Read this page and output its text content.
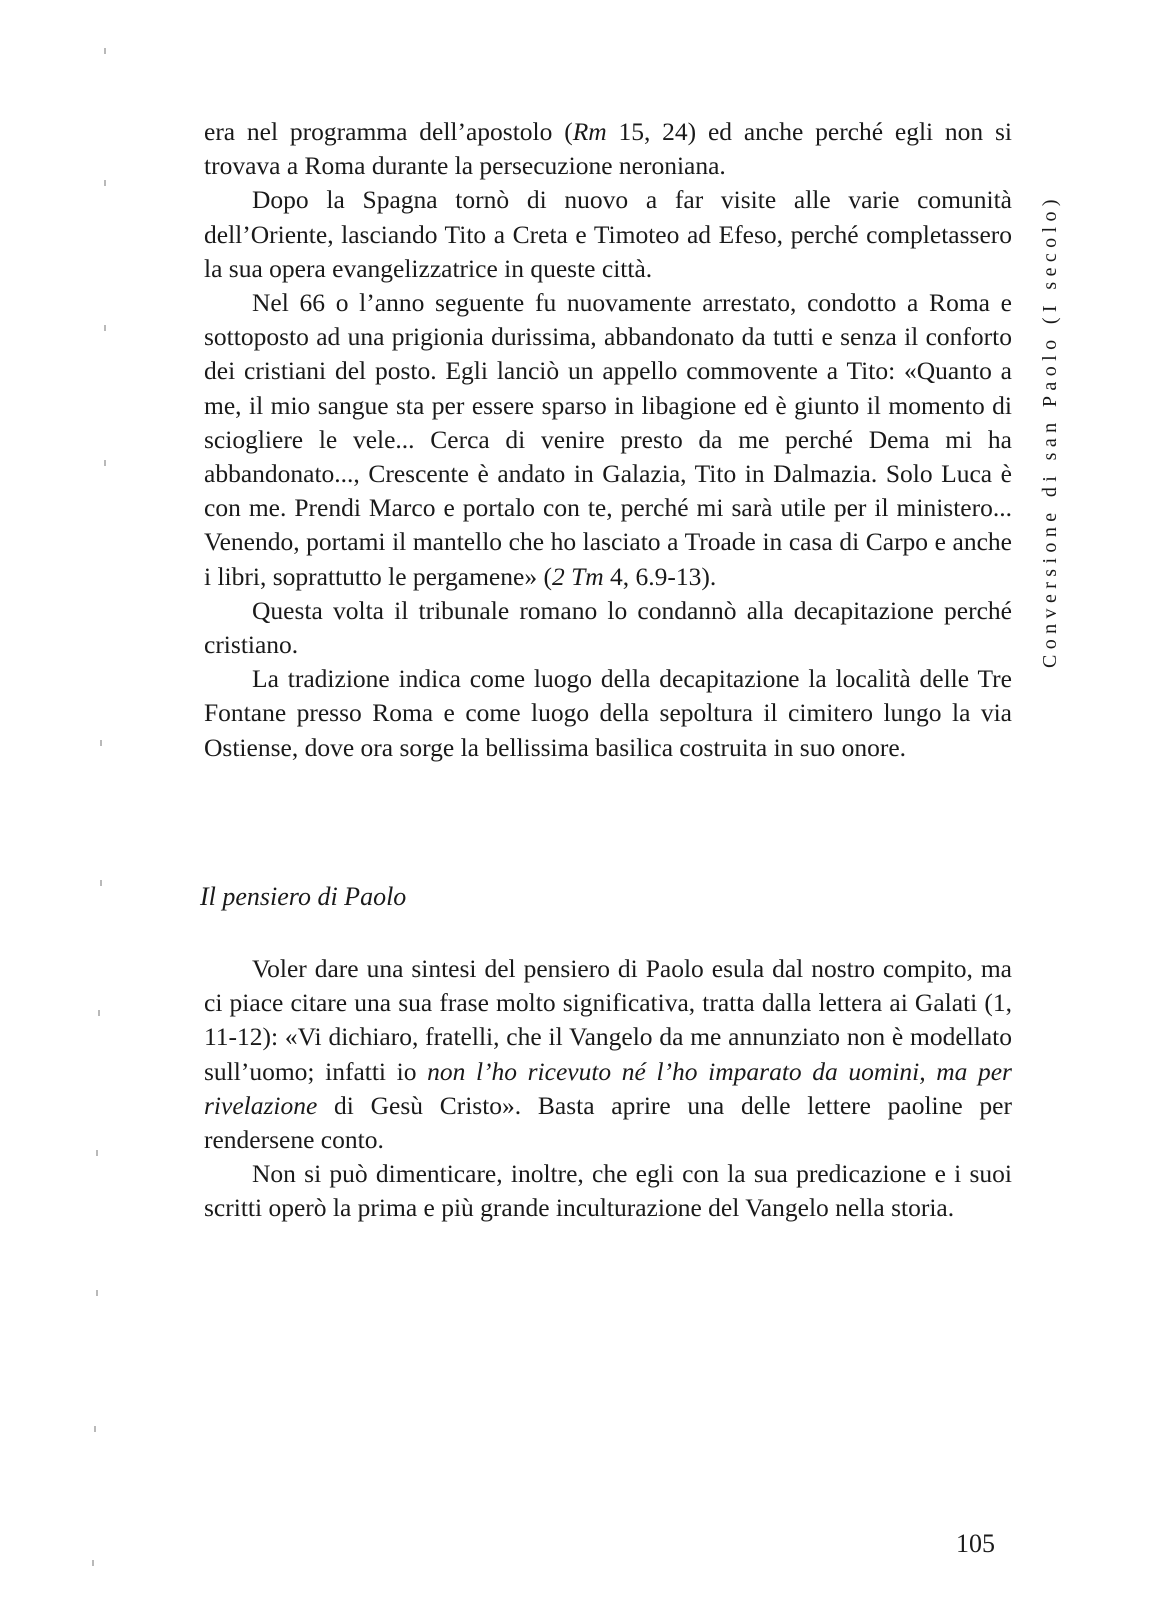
Conversione di san Paolo (I secolo)

era nel programma dell’apostolo (Rm 15, 24) ed anche perché egli non si trovava a Roma durante la persecuzione neroniana.

Dopo la Spagna tornò di nuovo a far visite alle varie comunità dell’Oriente, lasciando Tito a Creta e Timoteo ad Efeso, perché completassero la sua opera evangelizzatrice in queste città.

Nel 66 o l’anno seguente fu nuovamente arrestato, condotto a Roma e sottoposto ad una prigionia durissima, abbandonato da tutti e senza il conforto dei cristiani del posto. Egli lanciò un appello commovente a Tito: «Quanto a me, il mio sangue sta per essere sparso in libagione ed è giunto il momento di sciogliere le vele... Cerca di venire presto da me perché Dema mi ha abbandonato..., Crescente è andato in Galazia, Tito in Dalmazia. Solo Luca è con me. Prendi Marco e portalo con te, perché mi sarà utile per il ministero... Venendo, portami il mantello che ho lasciato a Troade in casa di Carpo e anche i libri, soprattutto le pergamene» (2 Tm 4, 6.9-13).

Questa volta il tribunale romano lo condannò alla decapitazione perché cristiano.

La tradizione indica come luogo della decapitazione la località delle Tre Fontane presso Roma e come luogo della sepoltura il cimitero lungo la via Ostiense, dove ora sorge la bellissima basilica costruita in suo onore.

Il pensiero di Paolo

Voler dare una sintesi del pensiero di Paolo esula dal nostro compito, ma ci piace citare una sua frase molto significativa, tratta dalla lettera ai Galati (1, 11-12): «Vi dichiaro, fratelli, che il Vangelo da me annunziato non è modellato sull’uomo; infatti io non l’ho ricevuto né l’ho imparato da uomini, ma per rivelazione di Gesù Cristo». Basta aprire una delle lettere paoline per rendersene conto.

Non si può dimenticare, inoltre, che egli con la sua predicazione e i suoi scritti operò la prima e più grande inculturazione del Vangelo nella storia.

105
